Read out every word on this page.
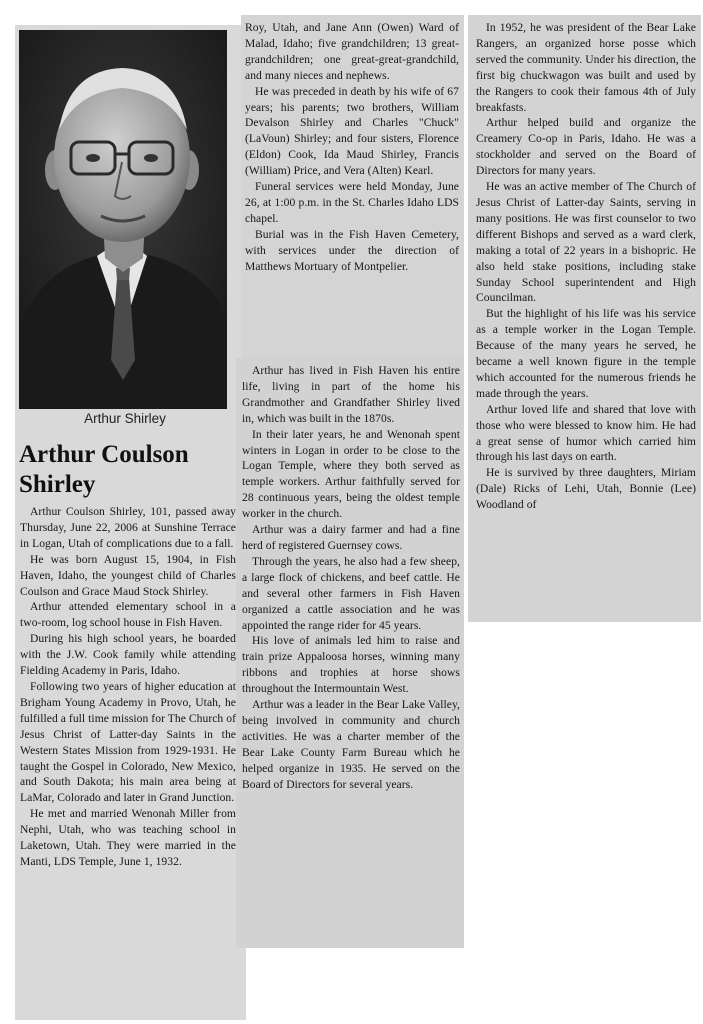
Arthur Shirley
Arthur Coulson Shirley

Arthur Coulson Shirley, 101, passed away Thursday, June 22, 2006 at Sunshine Terrace in Logan, Utah of complications due to a fall.

He was born August 15, 1904, in Fish Haven, Idaho, the youngest child of Charles Coulson and Grace Maud Stock Shirley.

Arthur attended elementary school in a two-room, log school house in Fish Haven.

During his high school years, he boarded with the J.W. Cook family while attending Fielding Academy in Paris, Idaho.

Following two years of higher education at Brigham Young Academy in Provo, Utah, he fulfilled a full time mission for The Church of Jesus Christ of Latter-day Saints in the Western States Mission from 1929-1931. He taught the Gospel in Colorado, New Mexico, and South Dakota; his main area being at LaMar, Colorado and later in Grand Junction.

He met and married Wenonah Miller from Nephi, Utah, who was teaching school in Laketown, Utah. They were married in the Manti, LDS Temple, June 1, 1932.

Roy, Utah, and Jane Ann (Owen) Ward of Malad, Idaho; five grandchildren; 13 great-grandchildren; one great-great-grandchild, and many nieces and nephews.

He was preceded in death by his wife of 67 years; his parents; two brothers, William Devalson Shirley and Charles "Chuck" (LaVoun) Shirley; and four sisters, Florence (Eldon) Cook, Ida Maud Shirley, Francis (William) Price, and Vera (Alten) Kearl.

Funeral services were held Monday, June 26, at 1:00 p.m. in the St. Charles Idaho LDS chapel.

Burial was in the Fish Haven Cemetery, with services under the direction of Matthews Mortuary of Montpelier.

Arthur has lived in Fish Haven his entire life, living in part of the home his Grandmother and Grandfather Shirley lived in, which was built in the 1870s.

In their later years, he and Wenonah spent winters in Logan in order to be close to the Logan Temple, where they both served as temple workers. Arthur faithfully served for 28 continuous years, being the oldest temple worker in the church.

Arthur was a dairy farmer and had a fine herd of registered Guernsey cows.

Through the years, he also had a few sheep, a large flock of chickens, and beef cattle. He and several other farmers in Fish Haven organized a cattle association and he was appointed the range rider for 45 years.

His love of animals led him to raise and train prize Appaloosa horses, winning many ribbons and trophies at horse shows throughout the Intermountain West.

Arthur was a leader in the Bear Lake Valley, being involved in community and church activities. He was a charter member of the Bear Lake County Farm Bureau which he helped organize in 1935. He served on the Board of Directors for several years.

In 1952, he was president of the Bear Lake Rangers, an organized horse posse which served the community. Under his direction, the first big chuckwagon was built and used by the Rangers to cook their famous 4th of July breakfasts.

Arthur helped build and organize the Creamery Co-op in Paris, Idaho. He was a stockholder and served on the Board of Directors for many years.

He was an active member of The Church of Jesus Christ of Latter-day Saints, serving in many positions. He was first counselor to two different Bishops and served as a ward clerk, making a total of 22 years in a bishopric. He also held stake positions, including stake Sunday School superintendent and High Councilman.

But the highlight of his life was his service as a temple worker in the Logan Temple. Because of the many years he served, he became a well known figure in the temple which accounted for the numerous friends he made through the years.

Arthur loved life and shared that love with those who were blessed to know him. He had a great sense of humor which carried him through his last days on earth.

He is survived by three daughters, Miriam (Dale) Ricks of Lehi, Utah, Bonnie (Lee) Woodland of
